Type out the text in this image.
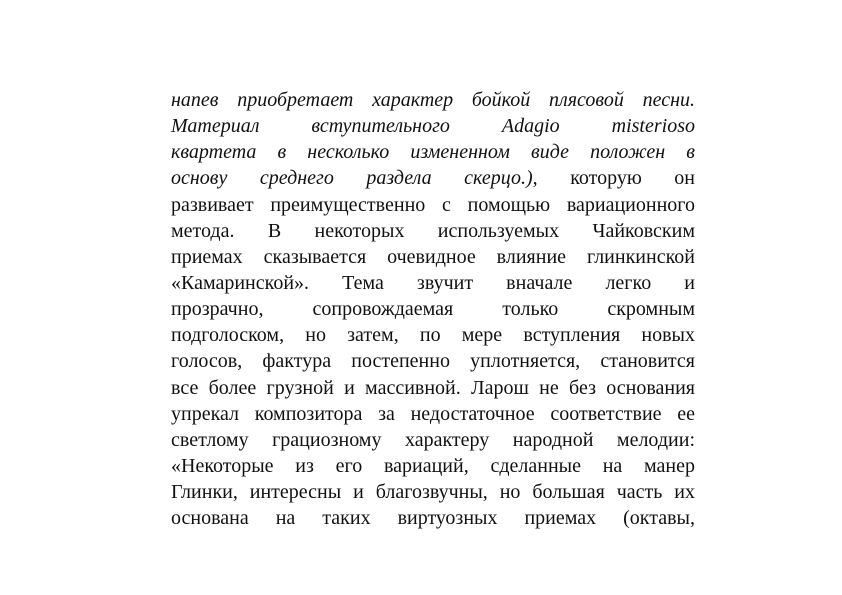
напев приобретает характер бойкой плясовой песни.
Материал вступительного Adagio misterioso
квартета в несколько измененном виде положен в
основу среднего раздела скерцо.), которую он
развивает преимущественно с помощью вариационного
метода. В некоторых используемых Чайковским
приемах сказывается очевидное влияние глинкинской
«Камаринской». Тема звучит вначале легко и
прозрачно, сопровождаемая только скромным
подголоском, но затем, по мере вступления новых
голосов, фактура постепенно уплотняется, становится
все более грузной и массивной. Ларош не без основания
упрекал композитора за недостаточное соответствие ее
светлому грациозному характеру народной мелодии:
«Некоторые из его вариаций, сделанные на манер
Глинки, интересны и благозвучны, но большая часть их
основана на таких виртуозных приемах (октавы,
